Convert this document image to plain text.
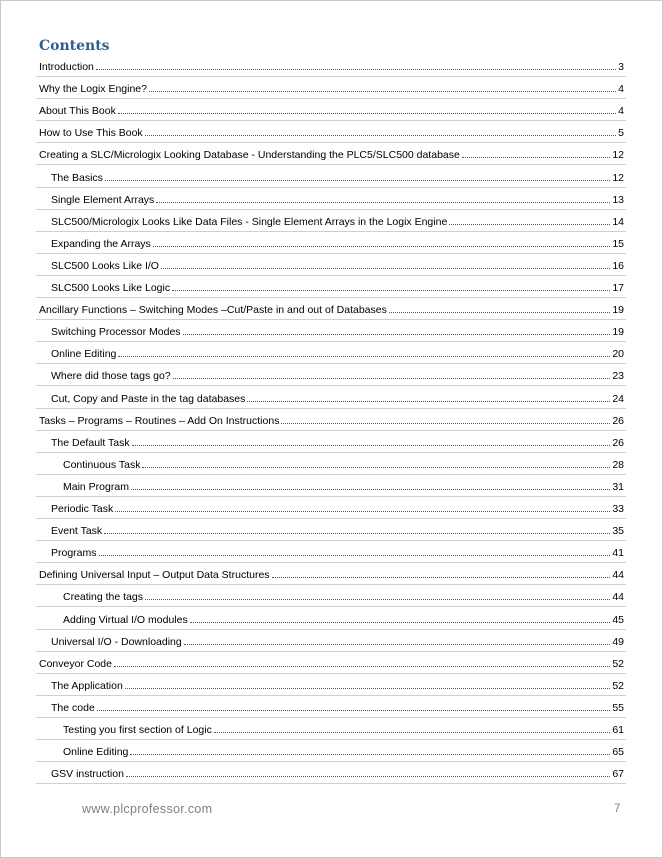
Contents
Introduction	3
Why the Logix Engine?	4
About This Book	4
How to Use This Book	5
Creating a SLC/Micrologix Looking Database - Understanding the PLC5/SLC500 database	12
The Basics	12
Single Element Arrays	13
SLC500/Micrologix Looks Like Data Files - Single Element Arrays in the Logix Engine	14
Expanding the Arrays	15
SLC500 Looks Like I/O	16
SLC500 Looks Like Logic	17
Ancillary Functions – Switching Modes –Cut/Paste in and out of Databases	19
Switching Processor Modes	19
Online Editing	20
Where did those tags go?	23
Cut, Copy and Paste in the tag databases	24
Tasks – Programs – Routines – Add On Instructions	26
The Default Task	26
Continuous Task	28
Main Program	31
Periodic Task	33
Event Task	35
Programs	41
Defining Universal Input – Output Data Structures	44
Creating the tags	44
Adding Virtual I/O modules	45
Universal I/O - Downloading	49
Conveyor Code	52
The Application	52
The code	55
Testing you first section of Logic	61
Online Editing	65
GSV instruction	67
www.plcprofessor.com	7
